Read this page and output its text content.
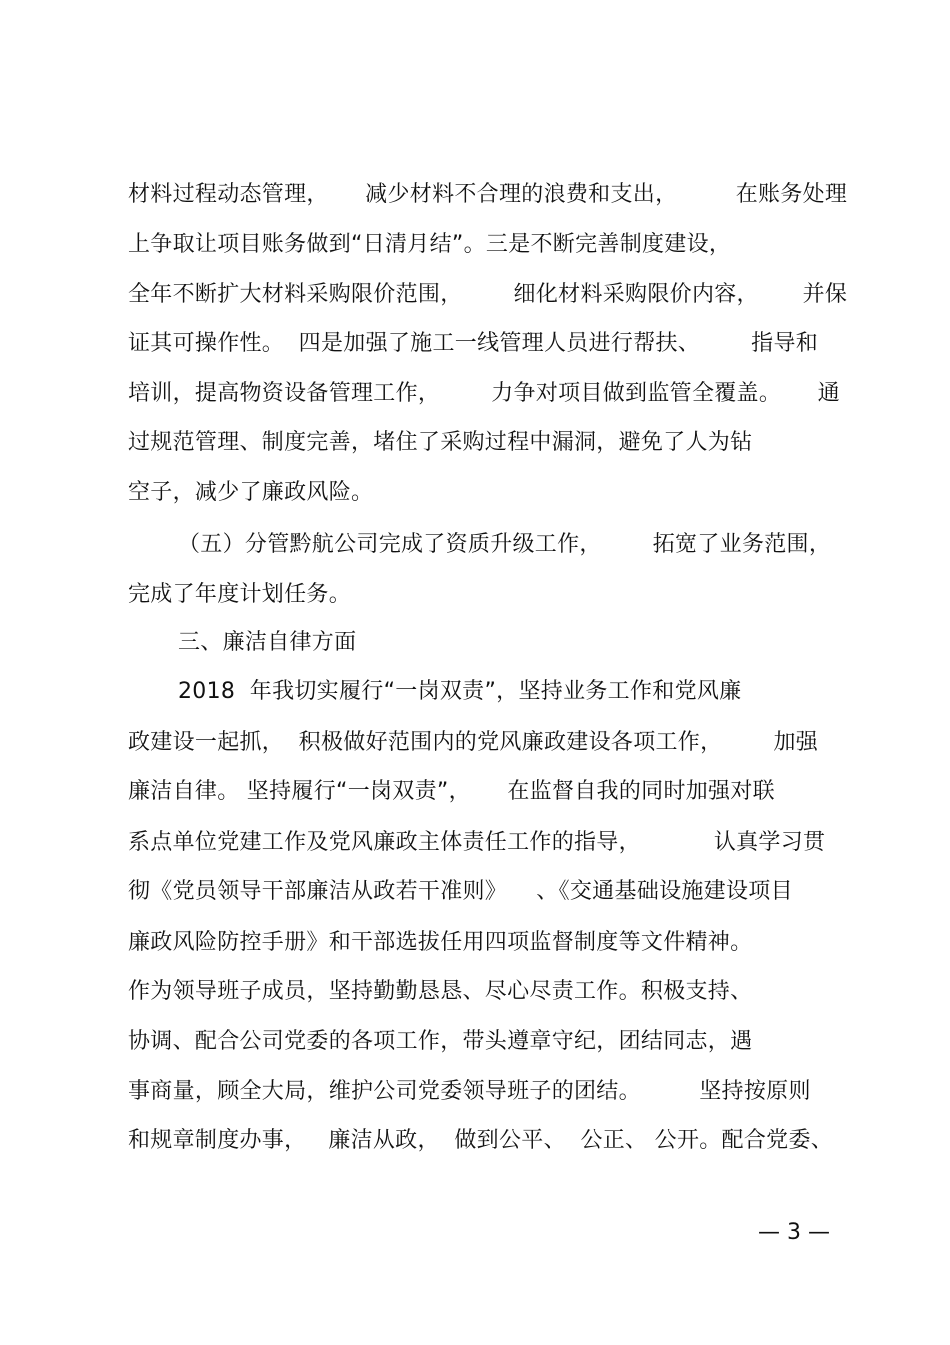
材料过程动态管理，     减少材料不合理的浪费和支出，        在账务处理
上争取让项目账务做到“日清月结”。三是不断完善制度建设，
全年不断扩大材料采购限价范围，       细化材料采购限价内容，      并保
证其可操作性。  四是加强了施工一线管理人员进行帮扶、       指导和
培训，提高物资设备管理工作，       力争对项目做到监管全覆盖。     通
过规范管理、制度完善，堵住了采购过程中漏洞，避免了人为钻
空子，减少了廉政风险。
（五）分管黔航公司完成了资质升级工作，       拓宽了业务范围，
完成了年度计划任务。
三、廉洁自律方面
2018  年我切实履行“一岗双责”，坚持业务工作和党风廉
政建设一起抓，  积极做好范围内的党风廉政建设各项工作，       加强
廉洁自律。 坚持履行“一岗双责”，     在监督自我的同时加强对联
系点单位党建工作及党风廉政主体责任工作的指导，          认真学习贯
彻《党员领导干部廉洁从政若干准则》    、《交通基础设施建设项目
廉政风险防控手册》和干部选拔任用四项监督制度等文件精神。
作为领导班子成员，坚持勤勤恳恳、尽心尽责工作。积极支持、
协调、配合公司党委的各项工作，带头遵章守纪，团结同志，遇
事商量，顾全大局，维护公司党委领导班子的团结。        坚持按原则
和规章制度办事，   廉洁从政，  做到公平、  公正、 公开。配合党委、
— 3 —
